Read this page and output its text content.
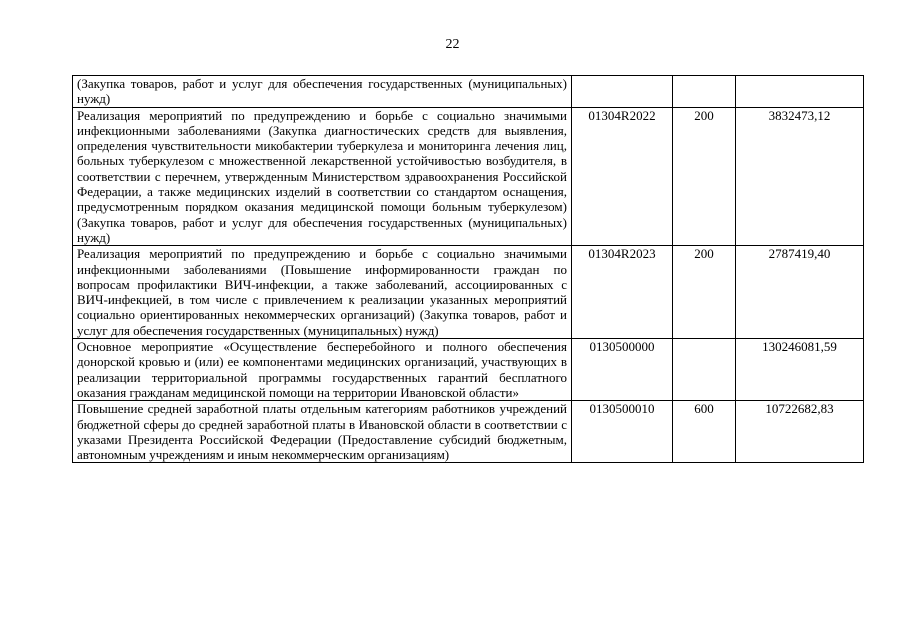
22
(Закупка товаров, работ и услуг для обеспечения государственных (муниципальных) нужд)			
Реализация мероприятий по предупреждению и борьбе с социально значимыми инфекционными заболеваниями (Закупка диагностических средств для выявления, определения чувствительности микобактерии туберкулеза и мониторинга лечения лиц, больных туберкулезом с множественной лекарственной устойчивостью возбудителя, в соответствии с перечнем, утвержденным Министерством здравоохранения Российской Федерации, а также медицинских изделий в соответствии со стандартом оснащения, предусмотренным порядком оказания медицинской помощи больным туберкулезом) (Закупка товаров, работ и услуг для обеспечения государственных (муниципальных) нужд)	01304R2022	200	3832473,12
Реализация мероприятий по предупреждению и борьбе с социально значимыми инфекционными заболеваниями (Повышение информированности граждан по вопросам профилактики ВИЧ-инфекции, а также заболеваний, ассоциированных с ВИЧ-инфекцией, в том числе с привлечением к реализации указанных мероприятий социально ориентированных некоммерческих организаций) (Закупка товаров, работ и услуг для обеспечения государственных (муниципальных) нужд)	01304R2023	200	2787419,40
Основное мероприятие «Осуществление бесперебойного и полного обеспечения донорской кровью и (или) ее компонентами медицинских организаций, участвующих в реализации территориальной программы государственных гарантий бесплатного оказания гражданам медицинской помощи на территории Ивановской области»	0130500000		130246081,59
Повышение средней заработной платы отдельным категориям работников учреждений бюджетной сферы до средней заработной платы в Ивановской области в соответствии с указами Президента Российской Федерации (Предоставление субсидий бюджетным, автономным учреждениям и иным некоммерческим организациям)	0130500010	600	10722682,83
